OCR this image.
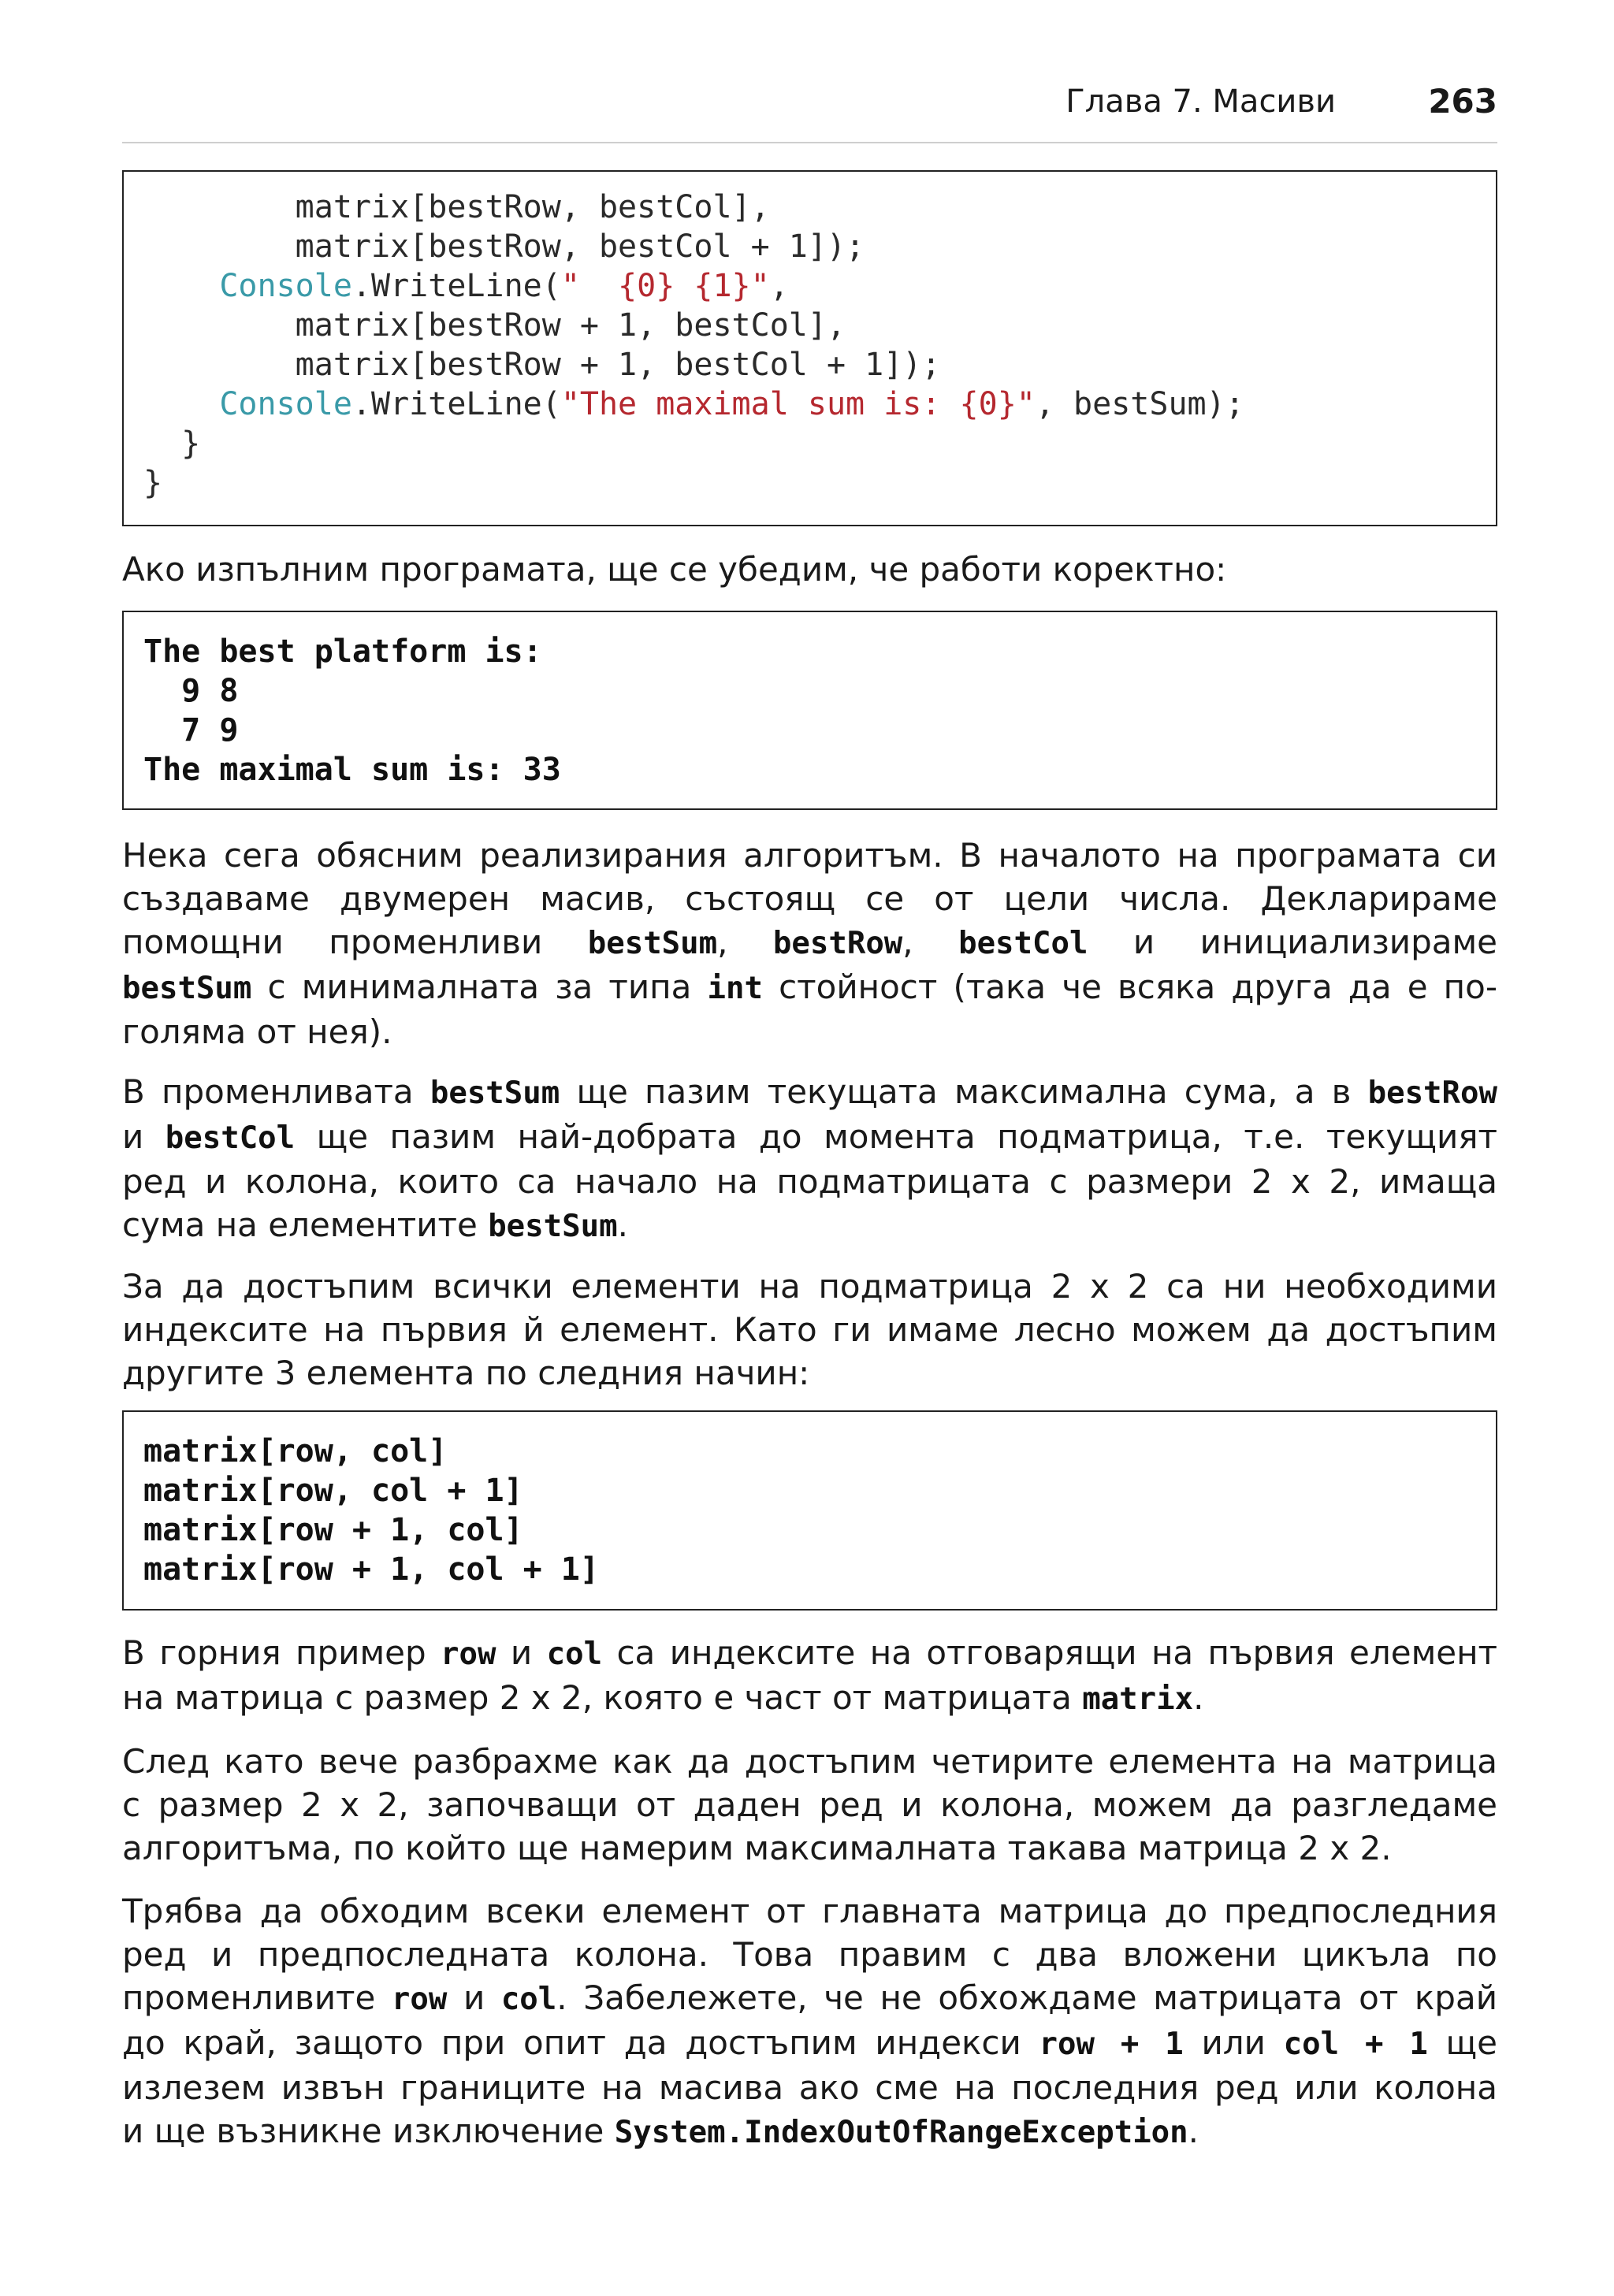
Глава 7. Масиви	263
matrix[bestRow, bestCol],
matrix[bestRow, bestCol + 1]);
Console.WriteLine("  {0} {1}",
matrix[bestRow + 1, bestCol],
matrix[bestRow + 1, bestCol + 1]);
Console.WriteLine("The maximal sum is: {0}", bestSum);
}
}
Ако изпълним програмата, ще се убедим, че работи коректно:
The best platform is:
9 8
7 9
The maximal sum is: 33
Нека сега обясним реализирания алгоритъм. В началото на програмата си
създаваме двумерен масив, състоящ се от цели числа. Декларираме
помощни променливи bestSum, bestRow, bestCol и инициализираме
bestSum с минималната за типа int стойност (така че всяка друга да е по-
голяма от нея).
В променливата bestSum ще пазим текущата максимална сума, а в bestRow
и bestCol ще пазим най-добрата до момента подматрица, т.е. текущият
ред и колона, които са начало на подматрицата с размери 2 x 2, имаща
сума на елементите bestSum.
За да достъпим всички елементи на подматрица 2 x 2 са ни необходими
индексите на първия й елемент. Като ги имаме лесно можем да достъпим
другите 3 елемента по следния начин:
matrix[row, col]
matrix[row, col + 1]
matrix[row + 1, col]
matrix[row + 1, col + 1]
В горния пример row и col са индексите на отговарящи на първия елемент
на матрица с размер 2 x 2, която е част от матрицата matrix.
След като вече разбрахме как да достъпим четирите елемента на матрица
с размер 2 x 2, започващи от даден ред и колона, можем да разгледаме
алгоритъма, по който ще намерим максималната такава матрица 2 x 2.
Трябва да обходим всеки елемент от главната матрица до предпоследния
ред и предпоследната колона. Това правим с два вложени цикъла по
променливите row и col. Забележете, че не обхождаме матрицата от край
до край, защото при опит да достъпим индекси row + 1 или col + 1 ще
излезем извън границите на масива ако сме на последния ред или колона
и ще възникне изключение System.IndexOutOfRangeException.
